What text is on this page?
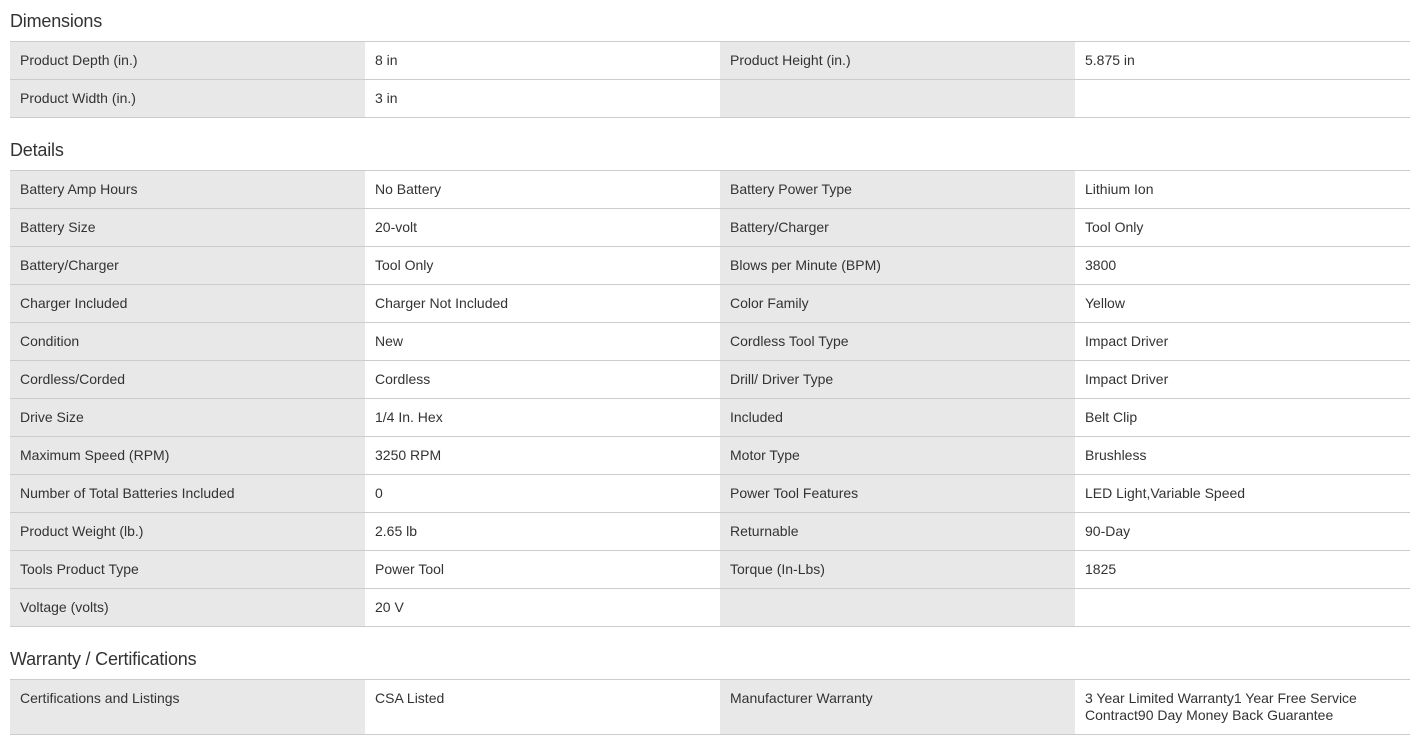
Dimensions
Product Depth (in.)	8 in	Product Height (in.)	5.875 in
Product Width (in.)	3 in
Details
Battery Amp Hours	No Battery	Battery Power Type	Lithium Ion
Battery Size	20-volt	Battery/Charger	Tool Only
Battery/Charger	Tool Only	Blows per Minute (BPM)	3800
Charger Included	Charger Not Included	Color Family	Yellow
Condition	New	Cordless Tool Type	Impact Driver
Cordless/Corded	Cordless	Drill/ Driver Type	Impact Driver
Drive Size	1/4 In. Hex	Included	Belt Clip
Maximum Speed (RPM)	3250 RPM	Motor Type	Brushless
Number of Total Batteries Included	0	Power Tool Features	LED Light,Variable Speed
Product Weight (lb.)	2.65 lb	Returnable	90-Day
Tools Product Type	Power Tool	Torque (In-Lbs)	1825
Voltage (volts)	20 V
Warranty / Certifications
Certifications and Listings	CSA Listed	Manufacturer Warranty	3 Year Limited Warranty1 Year Free Service Contract90 Day Money Back Guarantee
